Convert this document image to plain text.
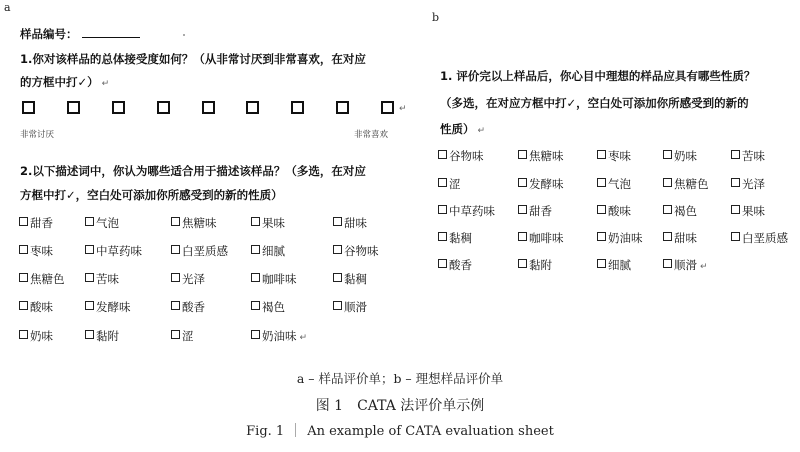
a
样品编号：
1.你对该样品的总体接受度如何？（从非常讨厌到非常喜欢，在对应
的方框中打✓） ↵
↵
非常讨厌	非常喜欢
2.以下描述词中，你认为哪些适合用于描述该样品？（多选，在对应
方框中打✓，空白处可添加你所感受到的新的性质）
甜香	气泡	焦糖味	果味	甜味
枣味	中草药味	白垩质感	细腻	谷物味
焦糖色	苦味	光泽	咖啡味	黏稠
酸味	发酵味	酸香	褐色	顺滑
奶味	黏附	涩	奶油味 ↵
b
1. 评价完以上样品后，你心目中理想的样品应具有哪些性质？
（多选，在对应方框中打✓，空白处可添加你所感受到的新的
性质） ↵
谷物味	焦糖味	枣味	奶味	苦味
涩	发酵味	气泡	焦糖色	光泽
中草药味	甜香	酸味	褐色	果味
黏稠	咖啡味	奶油味	甜味	白垩质感
酸香	黏附	细腻	顺滑 ↵
a – 样品评价单；b – 理想样品评价单
图 1　CATA 法评价单示例
Fig. 1 An example of CATA evaluation sheet
